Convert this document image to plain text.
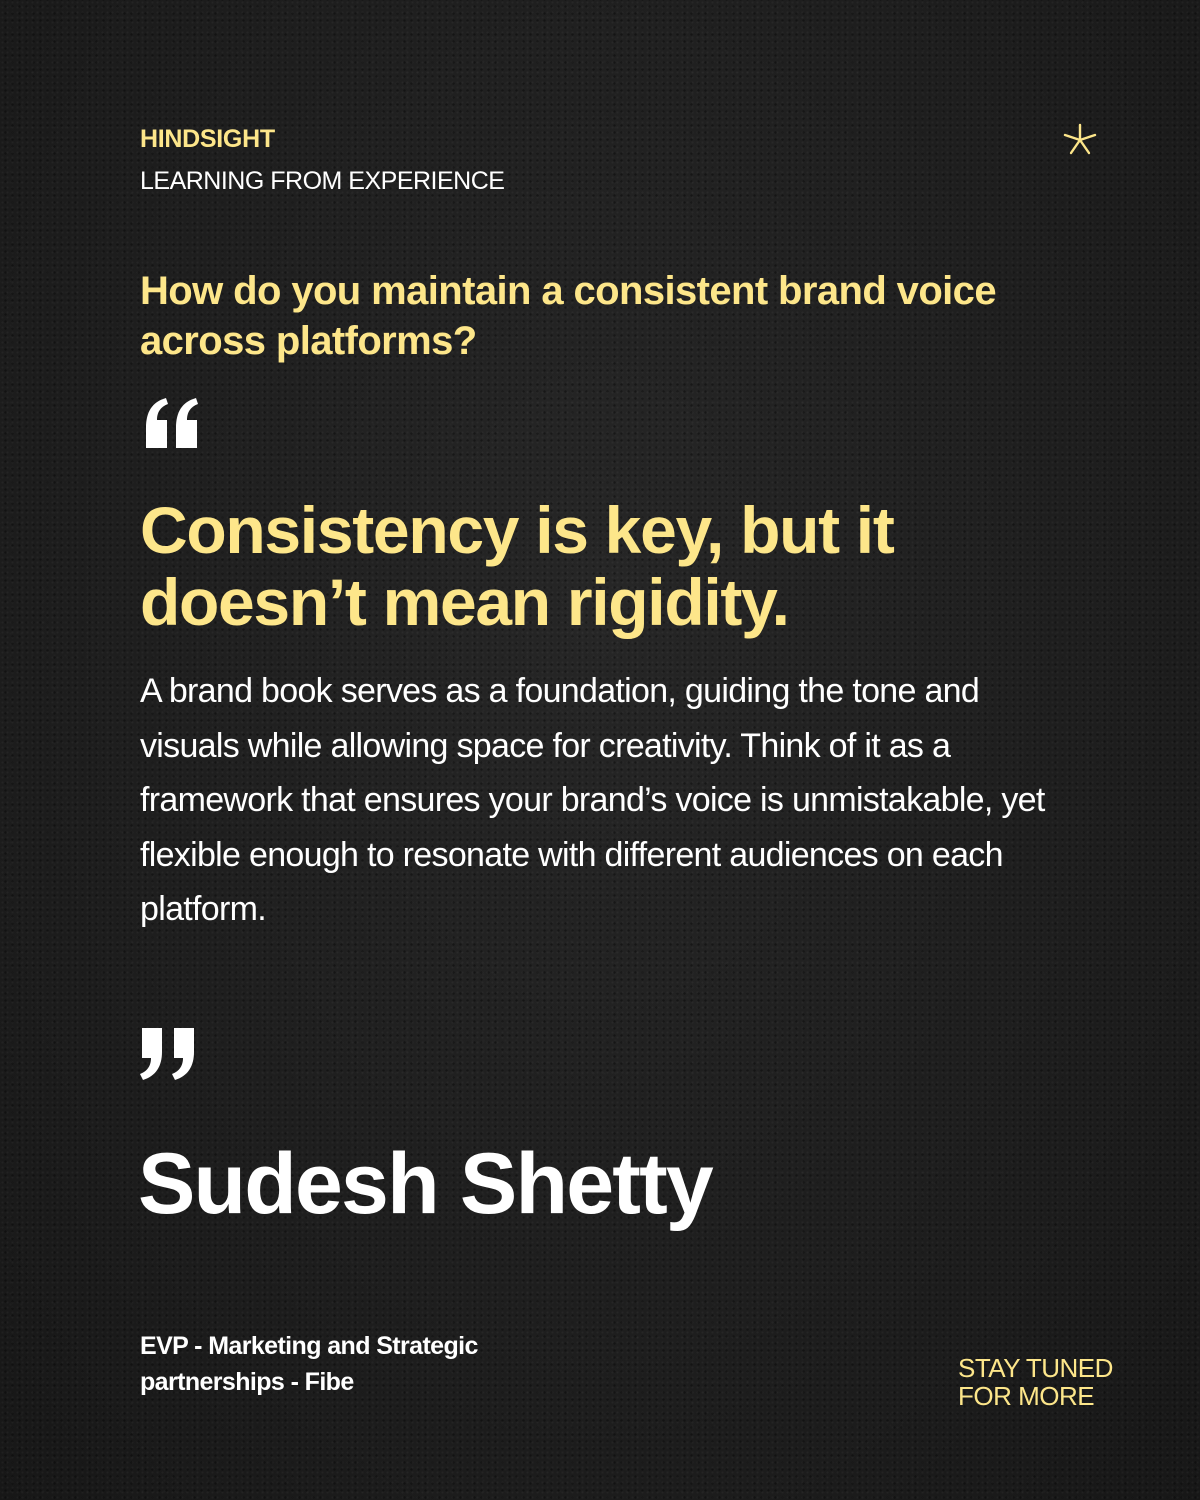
HINDSIGHT

LEARNING FROM EXPERIENCE

How do you maintain a consistent brand voice across platforms?

Consistency is key, but it doesn’t mean rigidity.

A brand book serves as a foundation, guiding the tone and visuals while allowing space for creativity. Think of it as a framework that ensures your brand’s voice is unmistakable, yet flexible enough to resonate with different audiences on each platform.

Sudesh Shetty

EVP - Marketing and Strategic partnerships - Fibe	STAY TUNED FOR MORE
